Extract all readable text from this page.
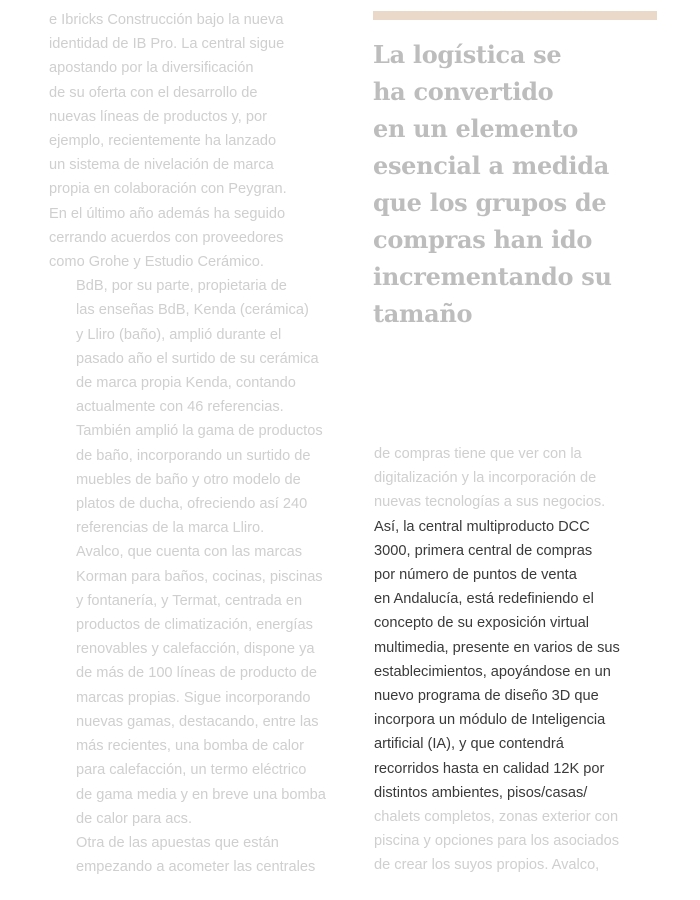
e Ibricks Construcción bajo la nueva
identidad de IB Pro. La central sigue
apostando por la diversificación
de su oferta con el desarrollo de
nuevas líneas de productos y, por
ejemplo, recientemente ha lanzado
un sistema de nivelación de marca
propia en colaboración con Peygran.
En el último año además ha seguido
cerrando acuerdos con proveedores
como Grohe y Estudio Cerámico.

BdB, por su parte, propietaria de
las enseñas BdB, Kenda (cerámica)
y Lliro (baño), amplió durante el
pasado año el surtido de su cerámica
de marca propia Kenda, contando
actualmente con 46 referencias.
También amplió la gama de productos
de baño, incorporando un surtido de
muebles de baño y otro modelo de
platos de ducha, ofreciendo así 240
referencias de la marca Lliro.

Avalco, que cuenta con las marcas
Korman para baños, cocinas, piscinas
y fontanería, y Termat, centrada en
productos de climatización, energías
renovables y calefacción, dispone ya
de más de 100 líneas de producto de
marcas propias. Sigue incorporando
nuevas gamas, destacando, entre las
más recientes, una bomba de calor
para calefacción, un termo eléctrico
de gama media y en breve una bomba
de calor para acs.

Otra de las apuestas que están
empezando a acometer las centrales

La logística se
ha convertido
en un elemento
esencial a medida
que los grupos de
compras han ido
incrementando su
tamaño
de compras tiene que ver con la
digitalización y la incorporación de
nuevas tecnologías a sus negocios.
Así, la central multiproducto DCC
3000, primera central de compras
por número de puntos de venta
en Andalucía, está redefiniendo el
concepto de su exposición virtual
multimedia, presente en varios de sus
establecimientos, apoyándose en un
nuevo programa de diseño 3D que
incorpora un módulo de Inteligencia
artificial (IA), y que contendrá
recorridos hasta en calidad 12K por
distintos ambientes, pisos/casas/
chalets completos, zonas exterior con
piscina y opciones para los asociados
de crear los suyos propios. Avalco,
